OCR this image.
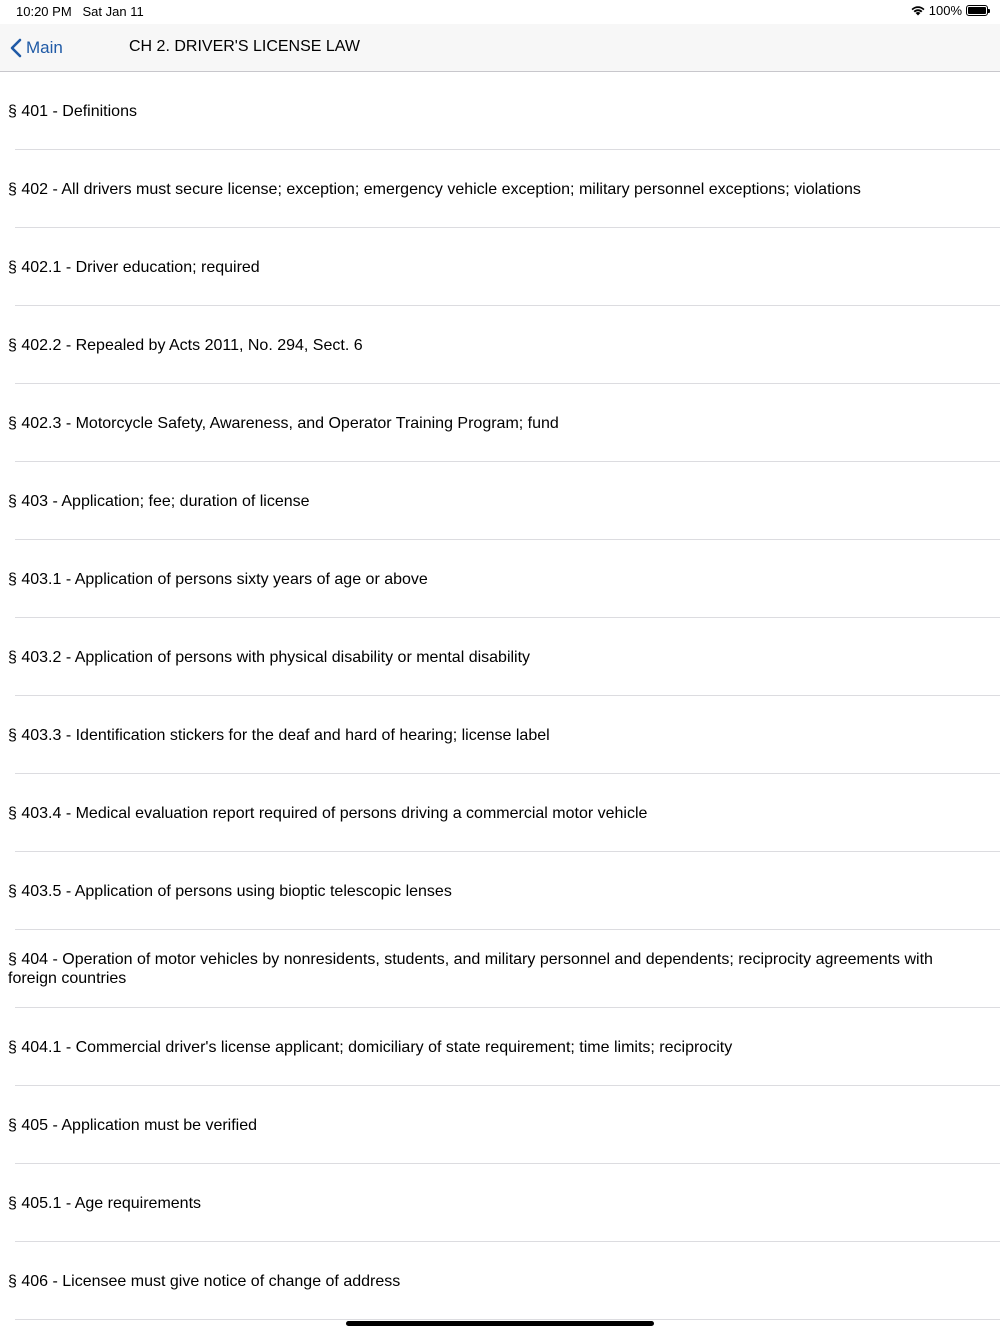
10:20 PM Sat Jan 11	100%
Main	CH 2. DRIVER'S LICENSE LAW
§ 401 - Definitions
§ 402 - All drivers must secure license; exception; emergency vehicle exception; military personnel exceptions; violations
§ 402.1 - Driver education; required
§ 402.2 - Repealed by Acts 2011, No. 294, Sect. 6
§ 402.3 - Motorcycle Safety, Awareness, and Operator Training Program; fund
§ 403 - Application; fee; duration of license
§ 403.1 - Application of persons sixty years of age or above
§ 403.2 - Application of persons with physical disability or mental disability
§ 403.3 - Identification stickers for the deaf and hard of hearing; license label
§ 403.4 - Medical evaluation report required of persons driving a commercial motor vehicle
§ 403.5 - Application of persons using bioptic telescopic lenses
§ 404 - Operation of motor vehicles by nonresidents, students, and military personnel and dependents; reciprocity agreements with foreign countries
§ 404.1 - Commercial driver's license applicant; domiciliary of state requirement; time limits; reciprocity
§ 405 - Application must be verified
§ 405.1 - Age requirements
§ 406 - Licensee must give notice of change of address
